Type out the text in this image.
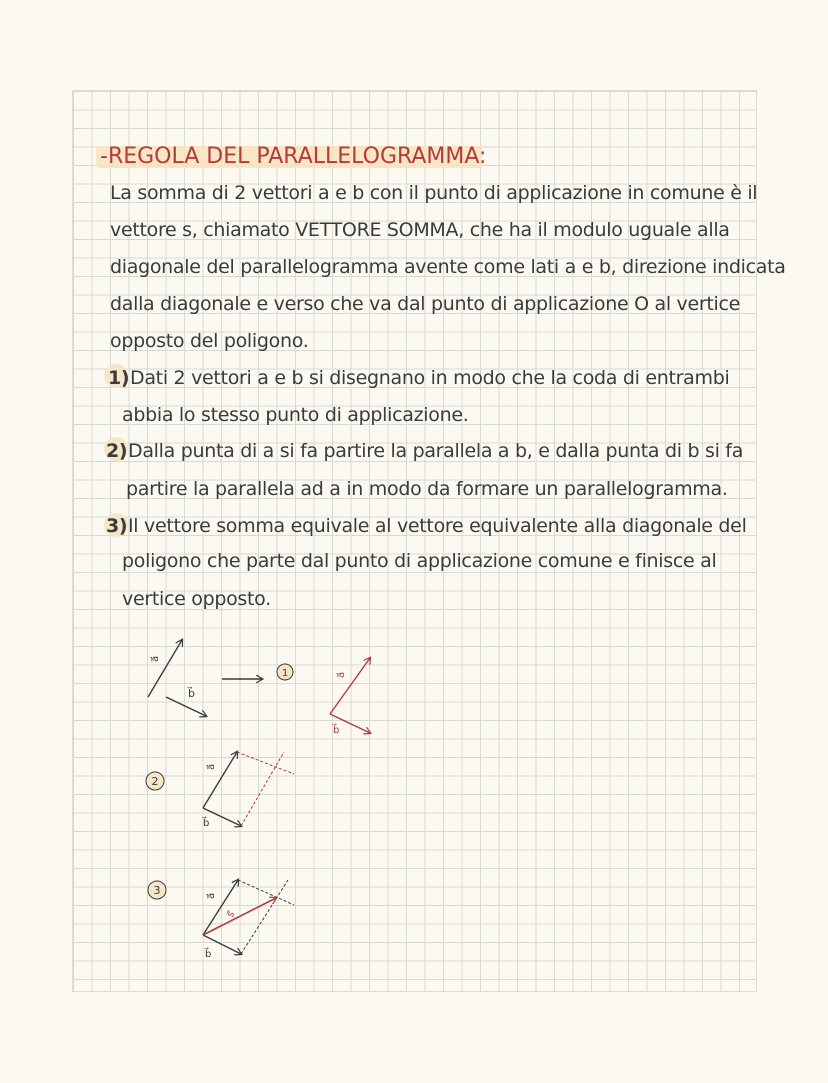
-REGOLA DEL PARALLELOGRAMMA:
La somma di 2 vettori a e b con il punto di applicazione in comune è il
vettore s, chiamato VETTORE SOMMA, che ha il modulo uguale alla
diagonale del parallelogramma avente come lati a e b, direzione indicata
dalla diagonale e verso che va dal punto di applicazione O al vertice
opposto del poligono.
1) Dati 2 vettori a e b si disegnano in modo che la coda di entrambi
abbia lo stesso punto di applicazione.
2) Dalla punta di a si fa partire la parallela a b, e dalla punta di b si fa
partire la parallela ad a in modo da formare un parallelogramma.
3) Il vettore somma equivale al vettore equivalente alla diagonale del
poligono che parte dal punto di applicazione comune e finisce al
vertice opposto.
a⃗
b⃗
1	a⃗
b⃗
2
a⃗
b⃗
3	a⃗
b⃗
s⃗
